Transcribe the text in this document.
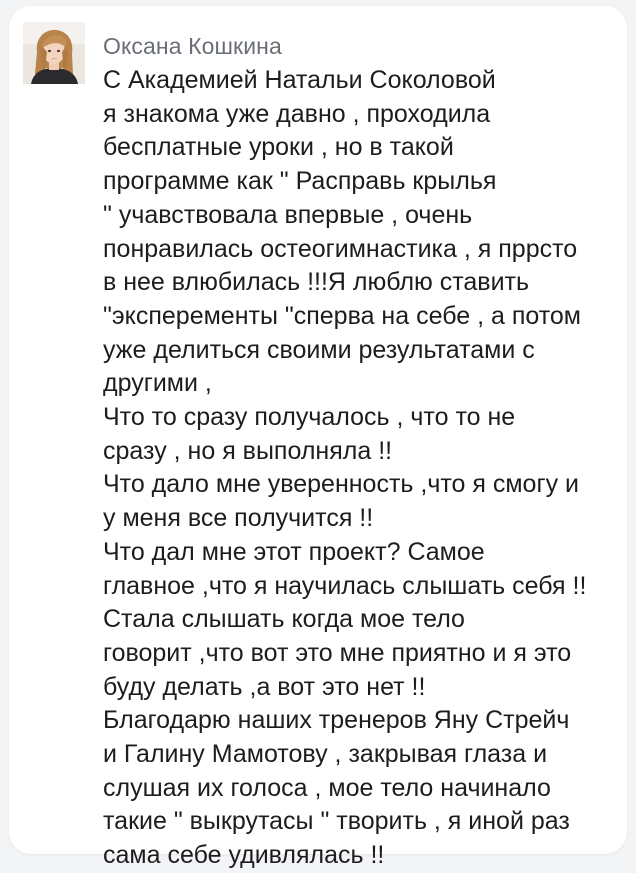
Оксана Кошкина
С Академией Натальи Соколовой
я знакома уже давно , проходила
бесплатные уроки , но в такой
программе как " Расправь крылья
" учавствовала впервые , очень
понравилась остеогимнастика , я пррсто
в нее влюбилась !!!Я люблю ставить
"эксперементы "сперва на себе , а потом
уже делиться своими результатами с
другими ,
Что то сразу получалось , что то не
сразу , но я выполняла !!
Что дало мне уверенность ,что я смогу и
у меня все получится !!
Что дал мне этот проект? Самое
главное ,что я научилась слышать себя !!
Стала слышать когда мое тело
говорит ,что вот это мне приятно и я это
буду делать ,а вот это нет !!
Благодарю наших тренеров Яну Стрейч
и Галину Мамотову , закрывая глаза и
слушая их голоса , мое тело начинало
такие " выкрутасы " творить , я иной раз
сама себе удивлялась !!
